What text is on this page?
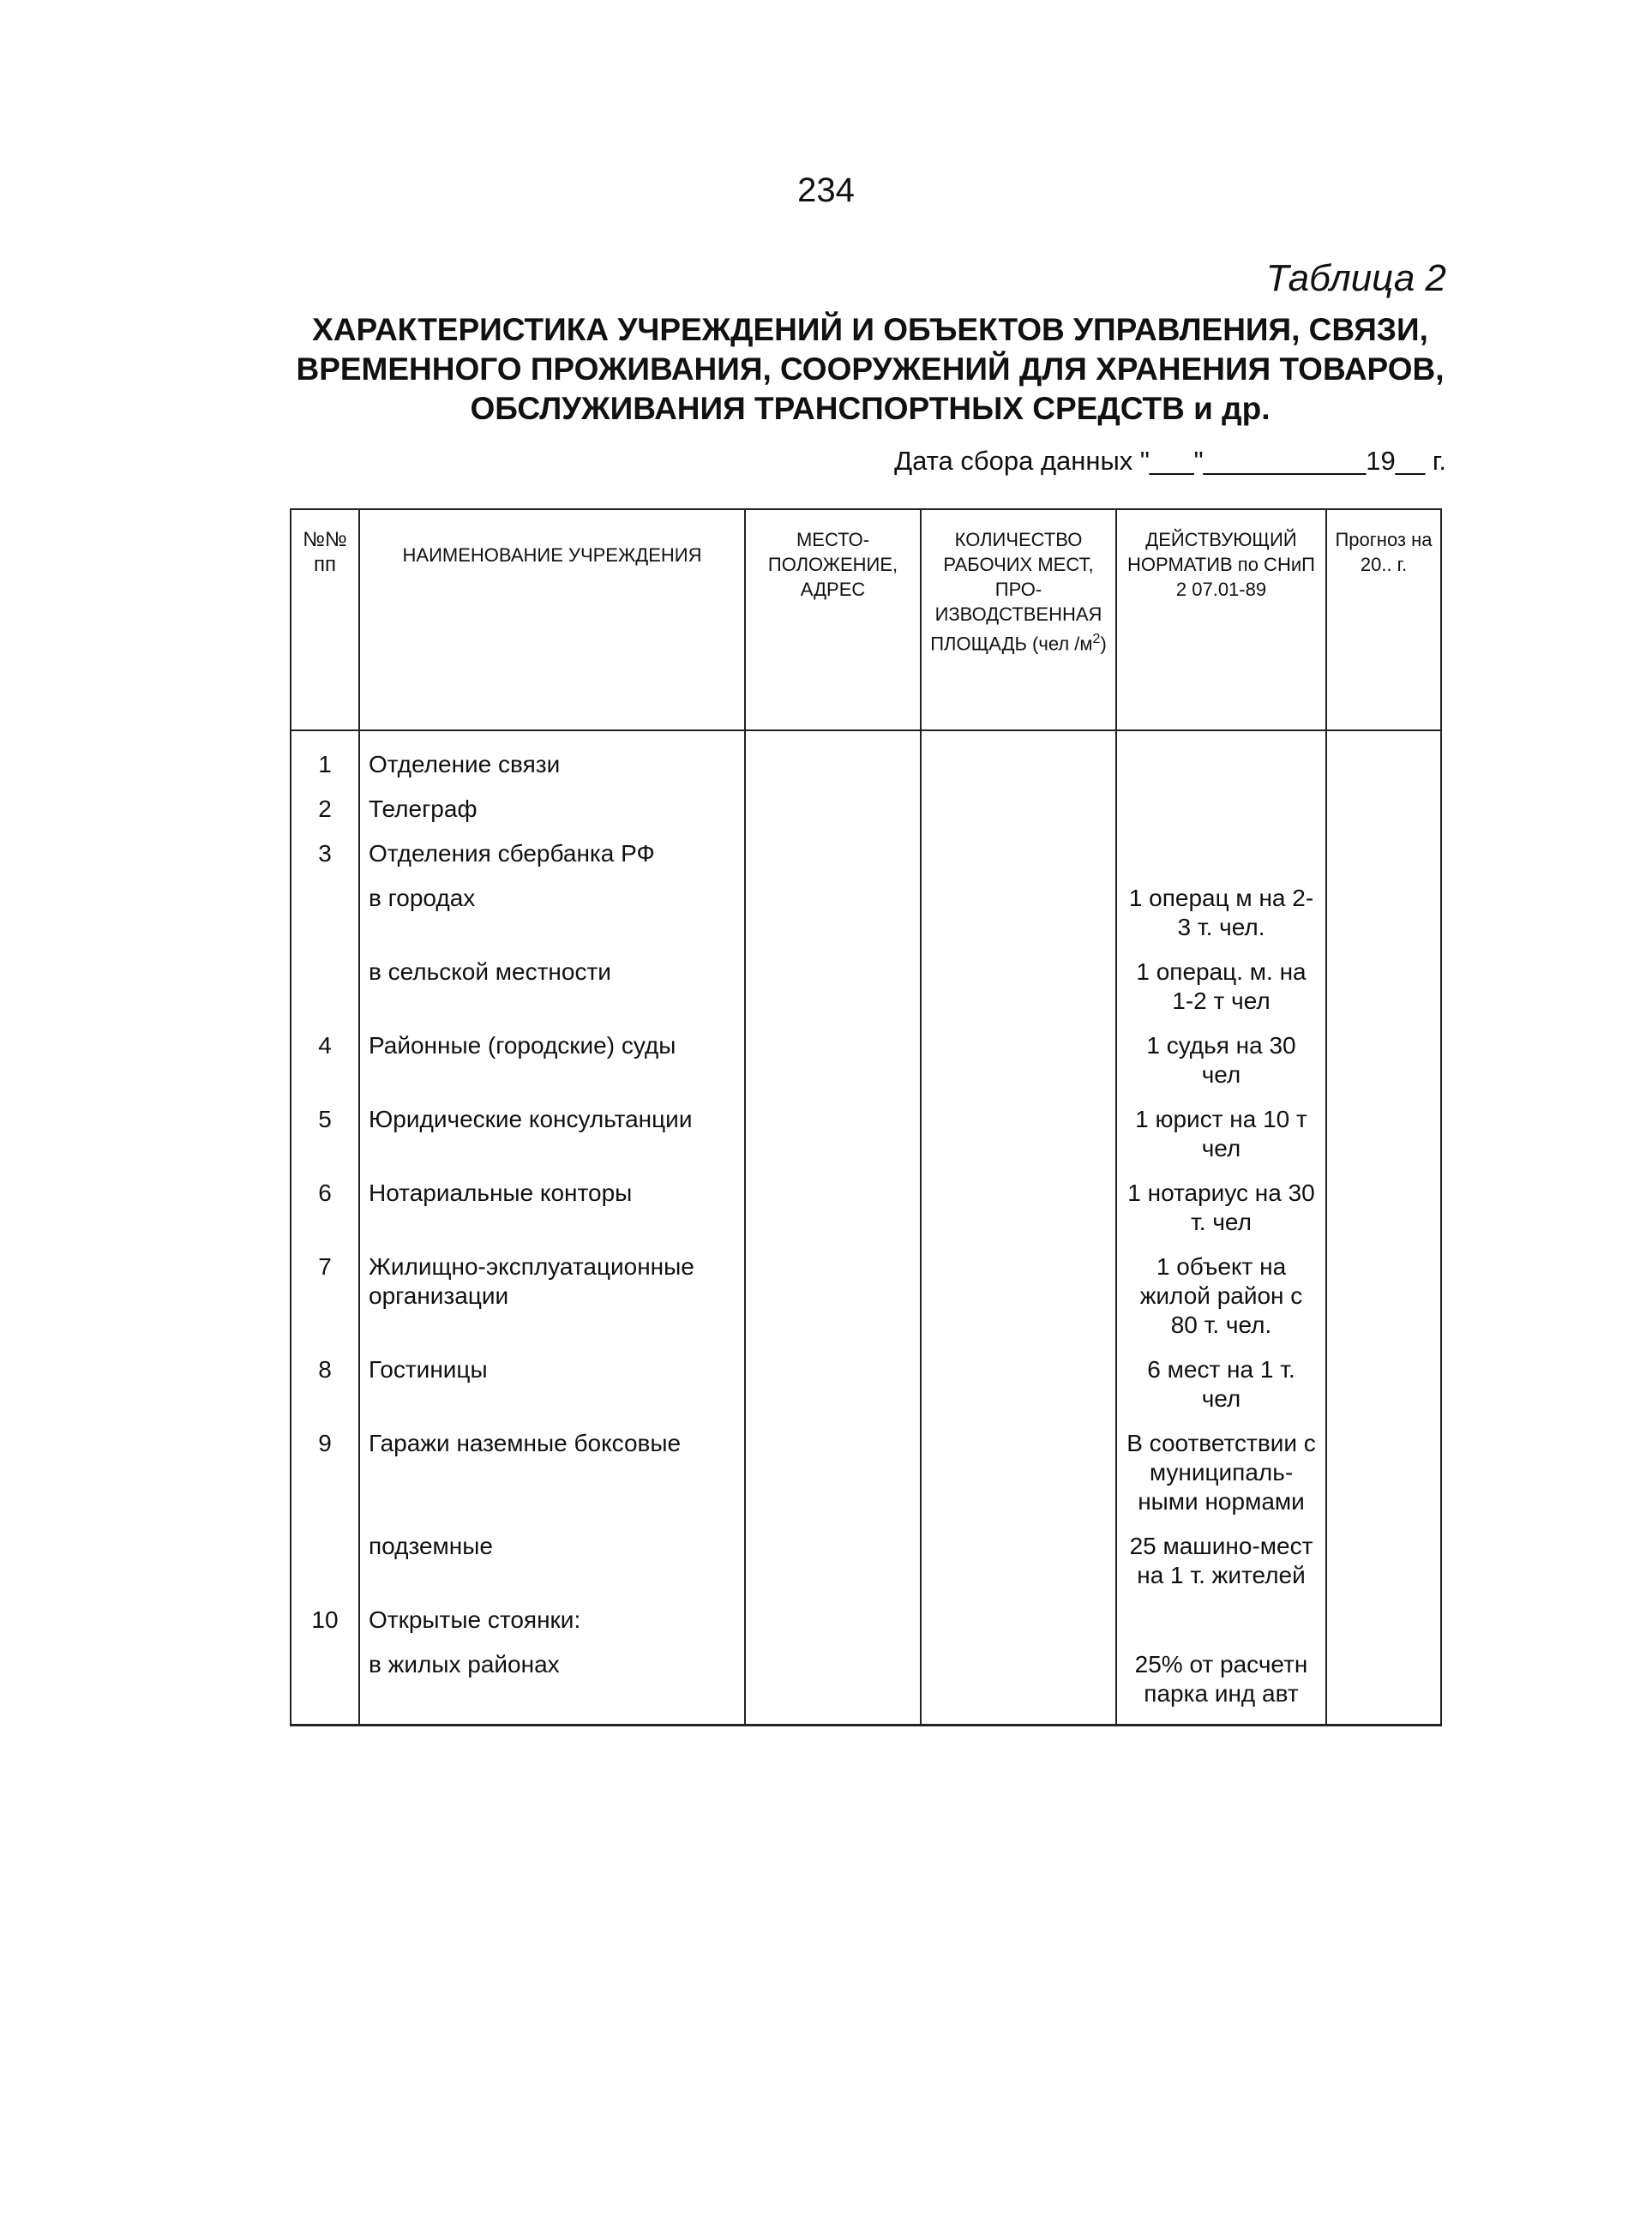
234
Таблица 2
ХАРАКТЕРИСТИКА УЧРЕЖДЕНИЙ И ОБЪЕКТОВ УПРАВЛЕНИЯ, СВЯЗИ, ВРЕМЕННОГО ПРОЖИВАНИЯ, СООРУЖЕНИЙ ДЛЯ ХРАНЕНИЯ ТОВАРОВ, ОБСЛУЖИВАНИЯ ТРАНСПОРТНЫХ СРЕДСТВ и др.
Дата сбора данных "___"___________19__ г.
№№ пп	НАИМЕНОВАНИЕ УЧРЕЖДЕНИЯ	МЕСТО-ПОЛОЖЕНИЕ, АДРЕС	КОЛИЧЕСТВО РАБОЧИХ МЕСТ, ПРО-ИЗВОДСТВЕННАЯ ПЛОЩАДЬ (чел $/м^2$)	ДЕЙСТВУЮЩИЙ НОРМАТИВ по СНиП 2 07.01-89	Прогноз на 20.. г.
1	Отделение связи				
2	Телеграф				
3	Отделения сбербанка РФ				
	в городах			1 операц м на 2-3 т. чел.	
	в сельской местности			1 операц. м. на 1-2 т чел	
4	Районные (городские) суды			1 судья на 30 чел	
5	Юридические консультанции			1 юрист на 10 т чел	
6	Нотариальные конторы			1 нотариус на 30 т. чел	
7	Жилищно-эксплуатационные организации			1 объект на жилой район с 80 т. чел.	
8	Гостиницы			6 мест на 1 т. чел	
9	Гаражи наземные боксовые			В соответствии с муниципаль-ными нормами	
	подземные			25 машино-мест на 1 т. жителей	
10	Открытые стоянки:				
	в жилых районах			25% от расчетн парка инд авт	
